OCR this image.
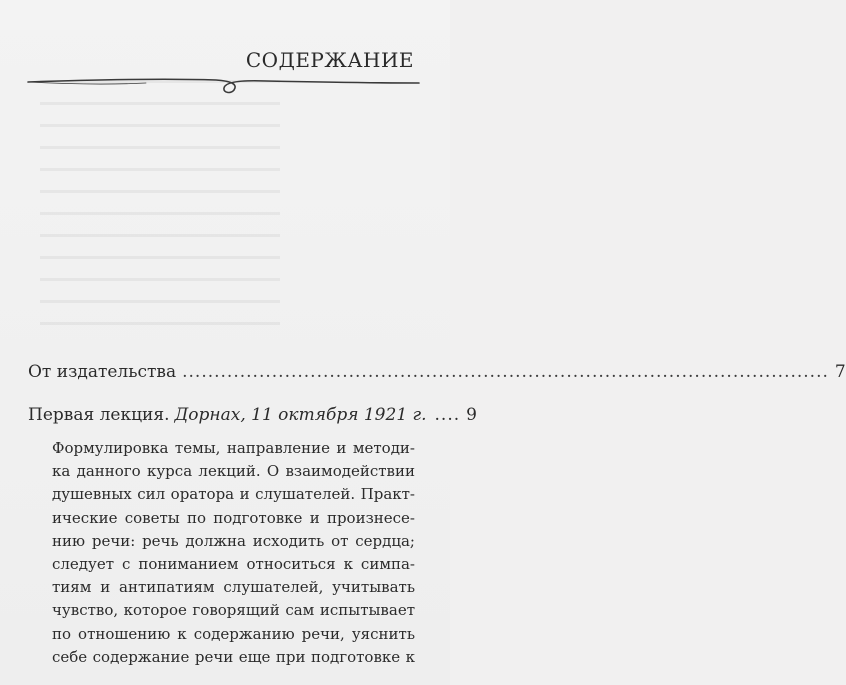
СОДЕРЖАНИЕ
От издательства ..................................................................................................... 7
Первая лекция. Дорнах, 11 октября 1921 г. .... 9
Формулировка темы, направление и методи-
ка данного курса лекций. О взаимодействии
душевных сил оратора и слушателей. Практ-
ические советы по подготовке и произнесе-
нию речи: речь должна исходить от сердца;
следует с пониманием относиться к симпа-
тиям и антипатиям слушателей, учитывать
чувство, которое говорящий сам испытывает
по отношению к содержанию речи, уяснить
себе содержание речи еще при подготовке к
